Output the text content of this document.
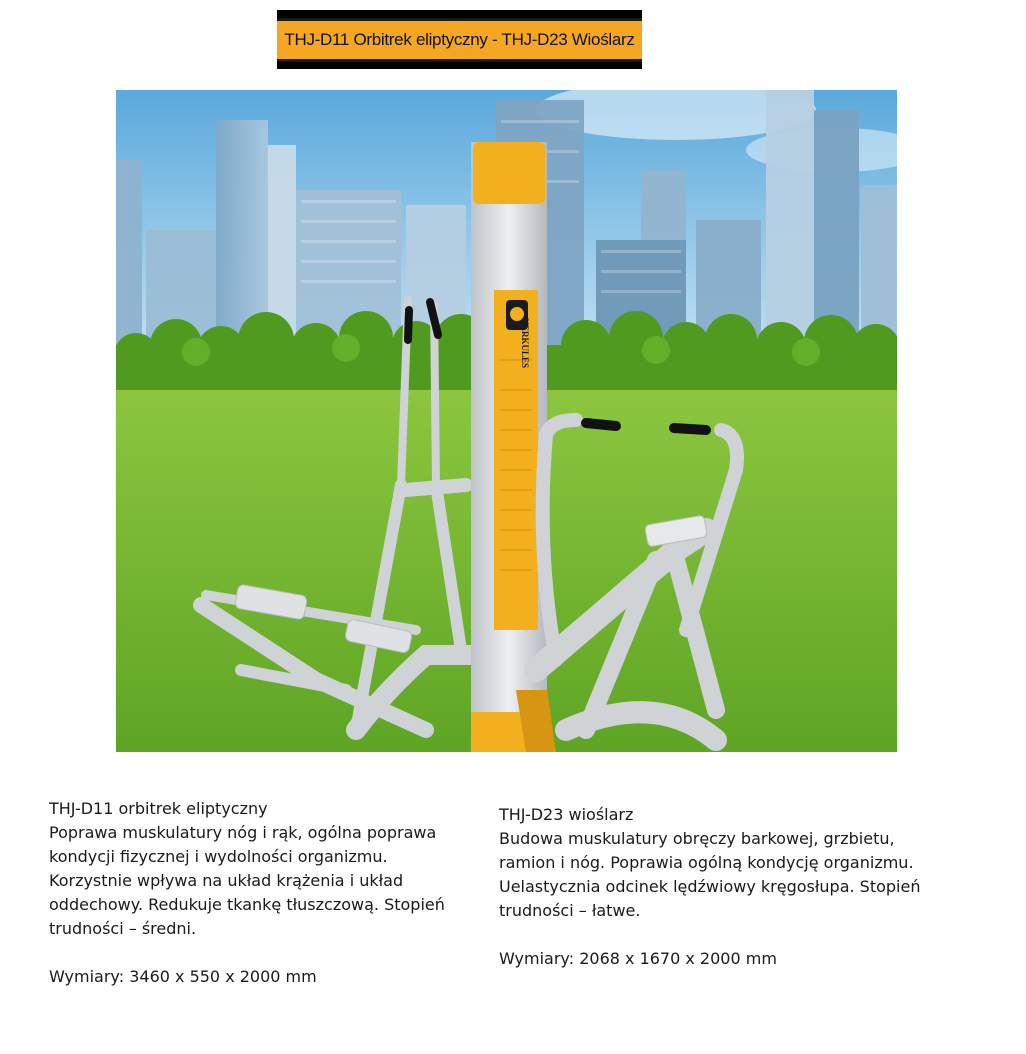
THJ-D11 Orbitrek eliptyczny - THJ-D23 Wioślarz
HERKULES

THJ-D11 orbitrek eliptyczny

Poprawa muskulatury nóg i rąk, ogólna poprawa

kondycji fizycznej i wydolności organizmu.

Korzystnie wpływa na układ krążenia i układ

oddechowy. Redukuje tkankę tłuszczową. Stopień

trudności – średni.

Wymiary: 3460 x 550 x 2000 mm

THJ-D23 wioślarz

Budowa muskulatury obręczy barkowej, grzbietu,

ramion i nóg. Poprawia ogólną kondycję organizmu.

Uelastycznia odcinek lędźwiowy kręgosłupa. Stopień

trudności – łatwe.

Wymiary: 2068 x 1670 x 2000 mm
